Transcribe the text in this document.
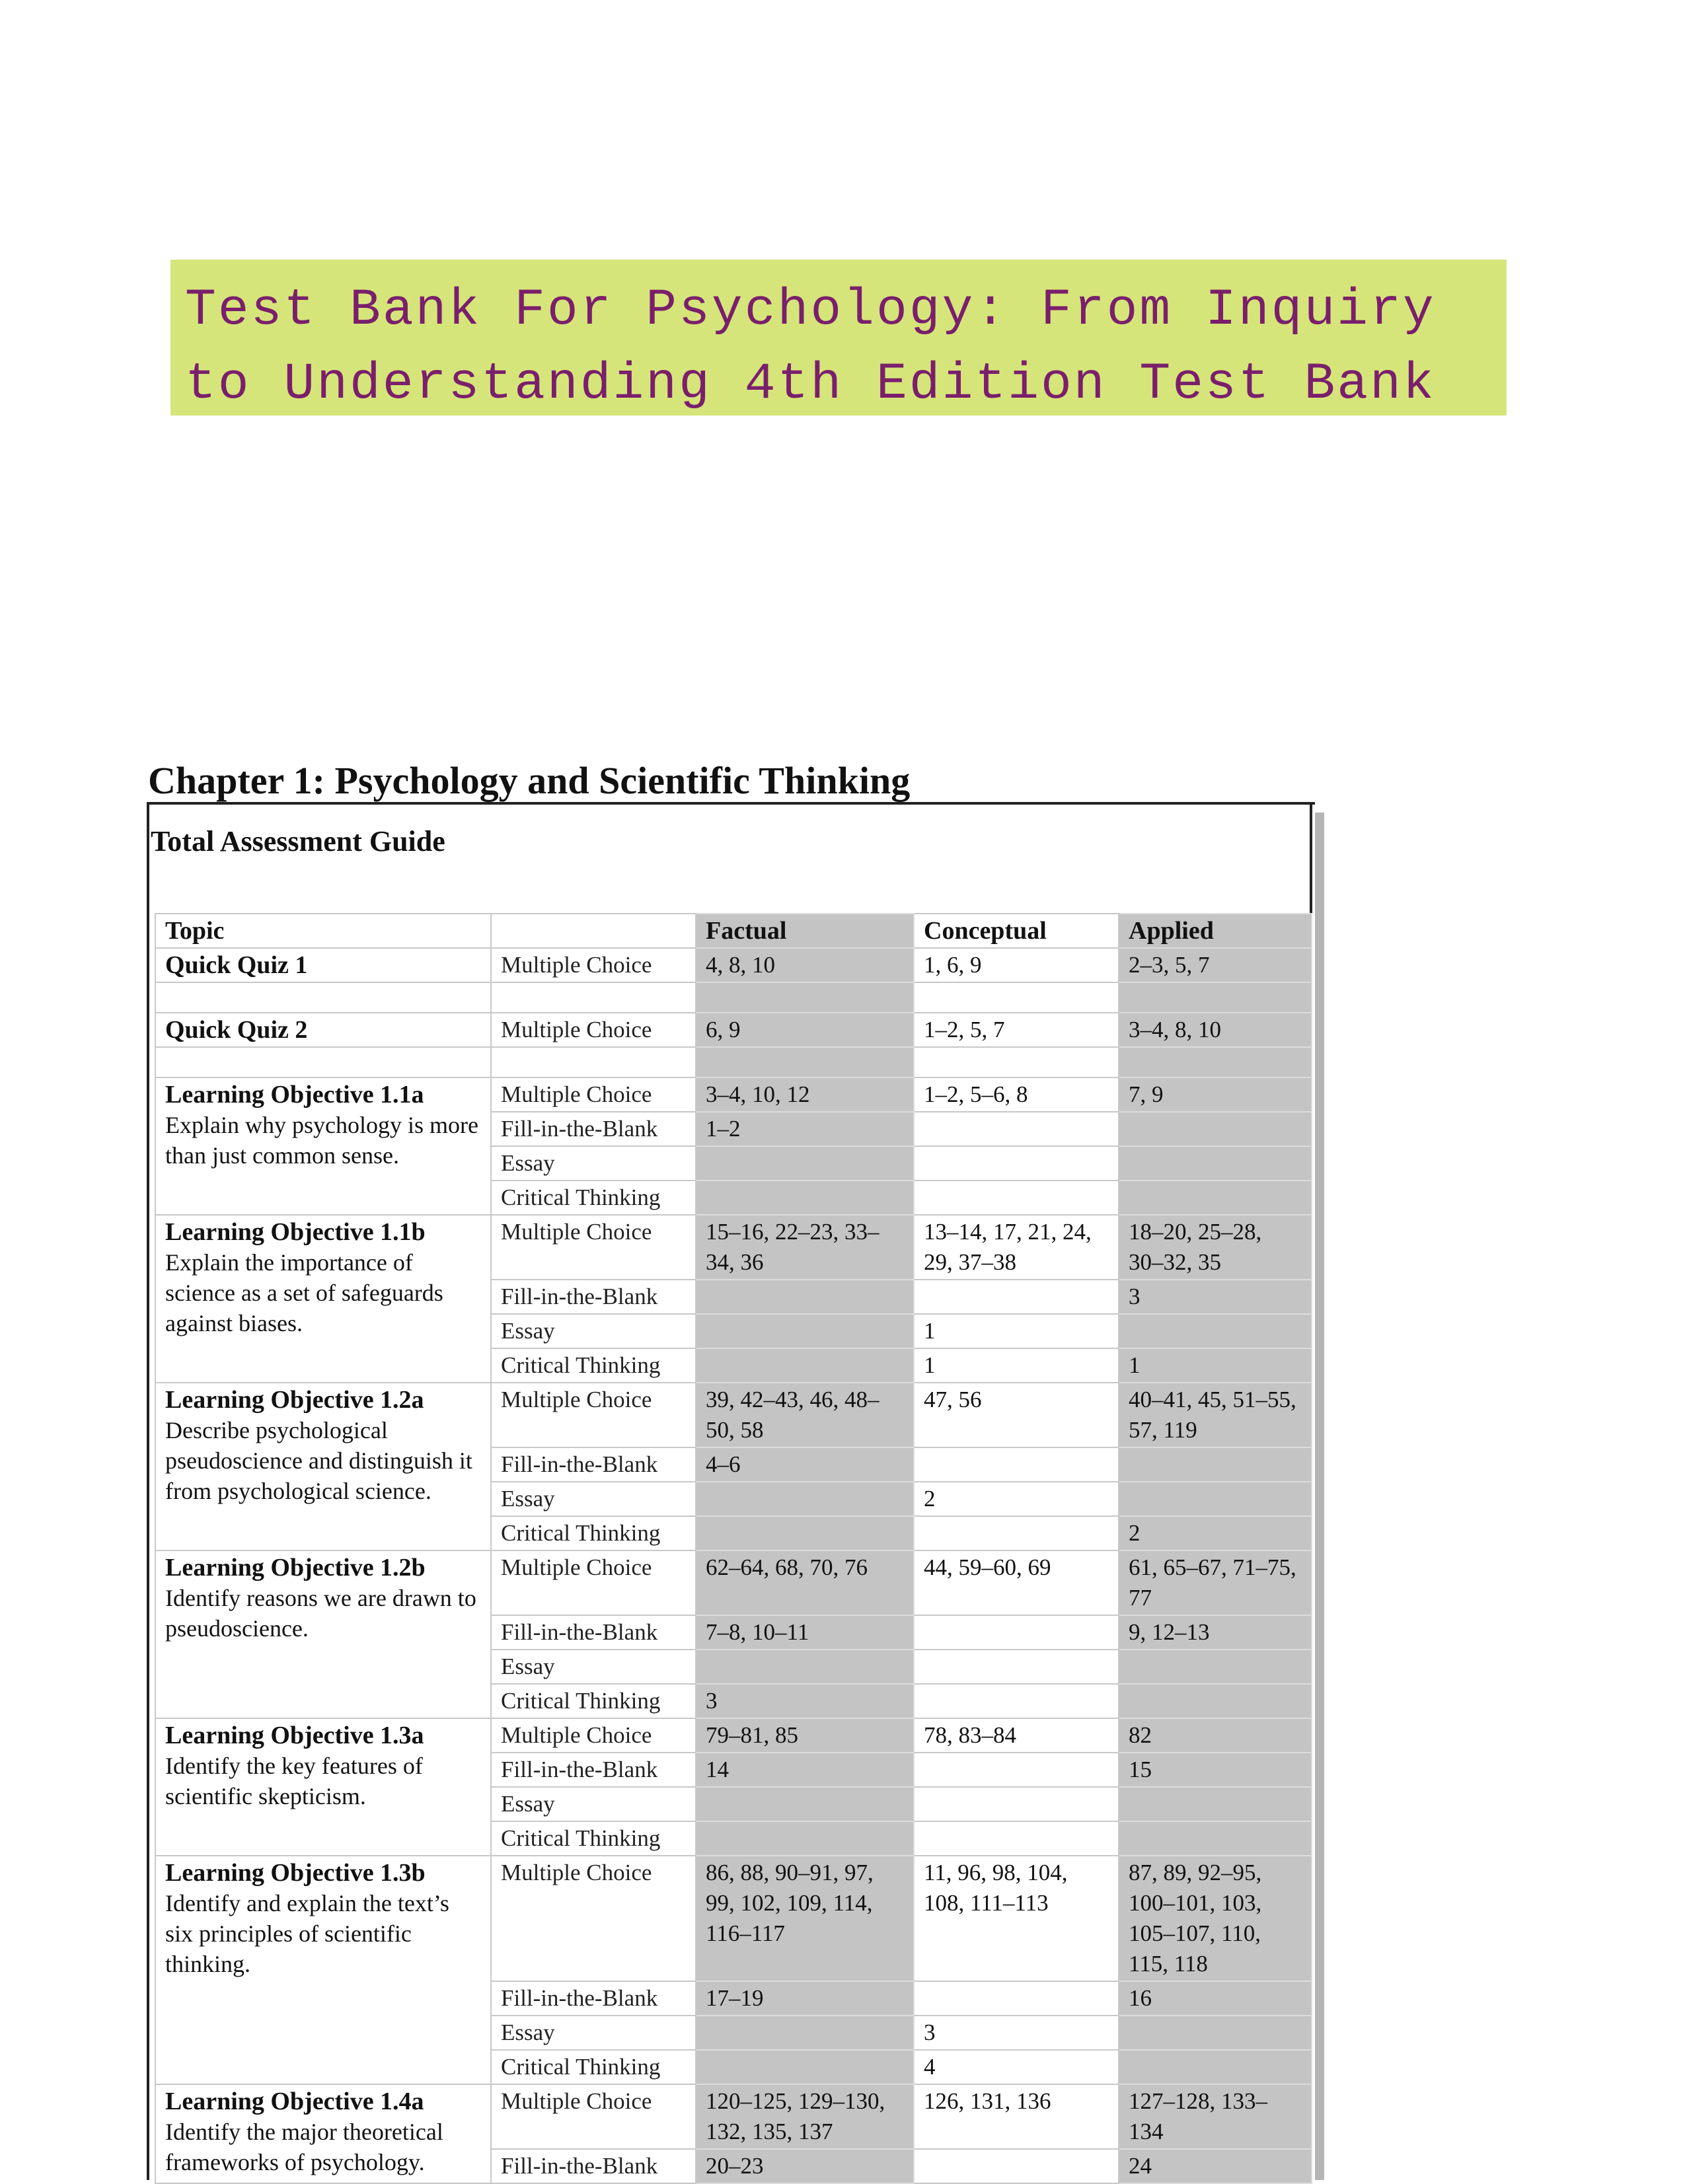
Test Bank For Psychology: From Inquiry
to Understanding 4th Edition Test Bank
Chapter 1: Psychology and Scientific Thinking
Total Assessment Guide
Topic		Factual	Conceptual	Applied
Quick Quiz 1	Multiple Choice	4, 8, 10	1, 6, 9	2–3, 5, 7

Quick Quiz 2	Multiple Choice	6, 9	1–2, 5, 7	3–4, 8, 10

Learning Objective 1.1a
Explain why psychology is more than just common sense.	Multiple Choice	3–4, 10, 12	1–2, 5–6, 8	7, 9
	Fill-in-the-Blank	1–2		
	Essay			
	Critical Thinking			

Learning Objective 1.1b
Explain the importance of science as a set of safeguards against biases.	Multiple Choice	15–16, 22–23, 33–34, 36	13–14, 17, 21, 24, 29, 37–38	18–20, 25–28, 30–32, 35
	Fill-in-the-Blank			3
	Essay		1	
	Critical Thinking		1	1

Learning Objective 1.2a
Describe psychological pseudoscience and distinguish it from psychological science.	Multiple Choice	39, 42–43, 46, 48–50, 58	47, 56	40–41, 45, 51–55, 57, 119
	Fill-in-the-Blank	4–6		
	Essay		2	
	Critical Thinking			2

Learning Objective 1.2b
Identify reasons we are drawn to pseudoscience.	Multiple Choice	62–64, 68, 70, 76	44, 59–60, 69	61, 65–67, 71–75, 77
	Fill-in-the-Blank	7–8, 10–11		9, 12–13
	Essay			
	Critical Thinking	3		

Learning Objective 1.3a
Identify the key features of scientific skepticism.	Multiple Choice	79–81, 85	78, 83–84	82
	Fill-in-the-Blank	14		15
	Essay			
	Critical Thinking			

Learning Objective 1.3b
Identify and explain the text’s six principles of scientific thinking.	Multiple Choice	86, 88, 90–91, 97, 99, 102, 109, 114, 116–117	11, 96, 98, 104, 108, 111–113	87, 89, 92–95, 100–101, 103, 105–107, 110, 115, 118
	Fill-in-the-Blank	17–19		16
	Essay		3	
	Critical Thinking		4	

Learning Objective 1.4a
Identify the major theoretical frameworks of psychology.	Multiple Choice	120–125, 129–130, 132, 135, 137	126, 131, 136	127–128, 133–134
	Fill-in-the-Blank	20–23		24
